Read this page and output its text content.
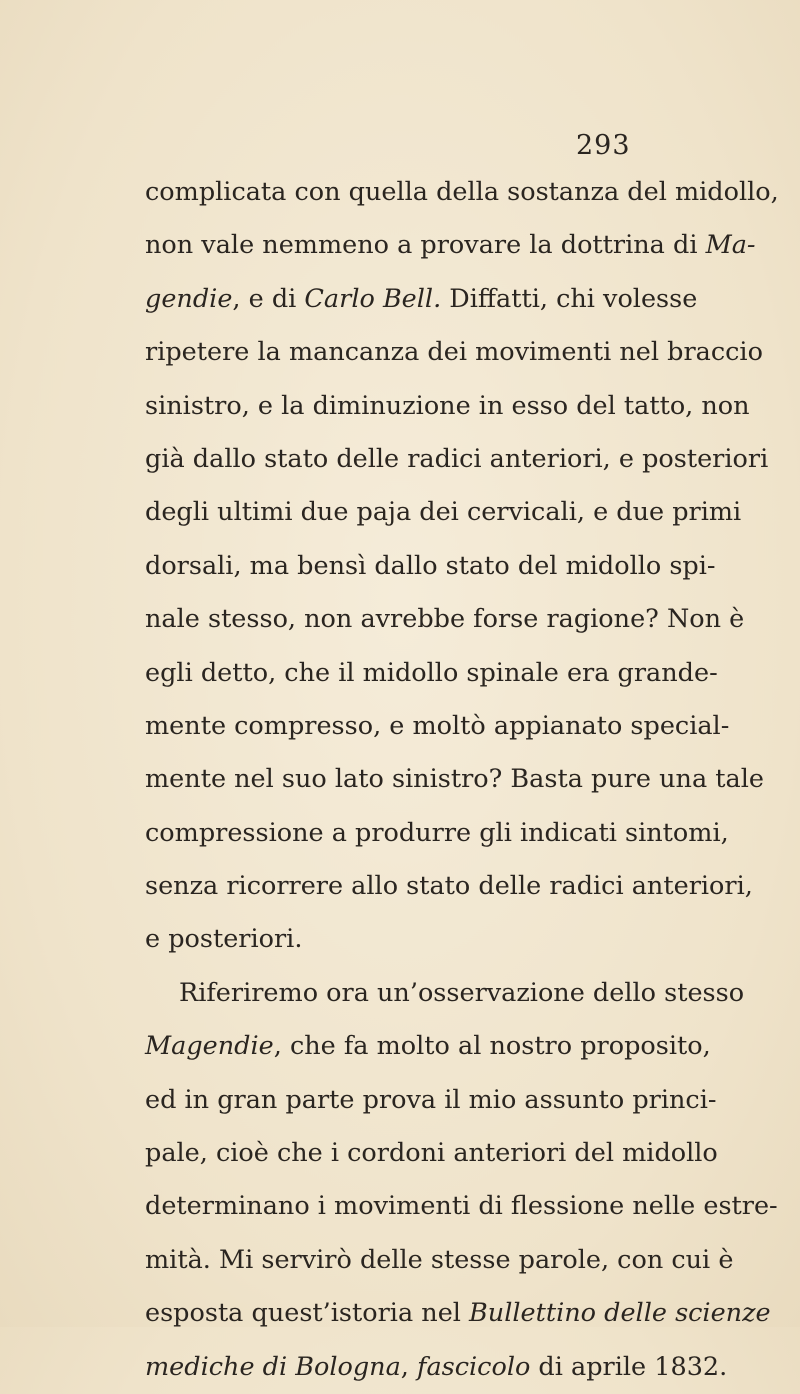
293
complicata con quella della sostanza del midollo,
non vale nemmeno a provare la dottrina di Ma-
gendie, e di Carlo Bell. Diffatti, chi volesse
ripetere la mancanza dei movimenti nel braccio
sinistro, e la diminuzione in esso del tatto, non
già dallo stato delle radici anteriori, e posteriori
degli ultimi due paja dei cervicali, e due primi
dorsali, ma bensì dallo stato del midollo spi-
nale stesso, non avrebbe forse ragione? Non è
egli detto, che il midollo spinale era grande-
mente compresso, e moltò appianato special-
mente nel suo lato sinistro? Basta pure una tale
compressione a produrre gli indicati sintomi,
senza ricorrere allo stato delle radici anteriori,
e posteriori.
Riferiremo ora un’osservazione dello stesso
Magendie, che fa molto al nostro proposito,
ed in gran parte prova il mio assunto princi-
pale, cioè che i cordoni anteriori del midollo
determinano i movimenti di flessione nelle estre-
mità. Mi servirò delle stesse parole, con cui è
esposta quest’istoria nel Bullettino delle scienze
mediche di Bologna, fascicolo di aprile 1832.
